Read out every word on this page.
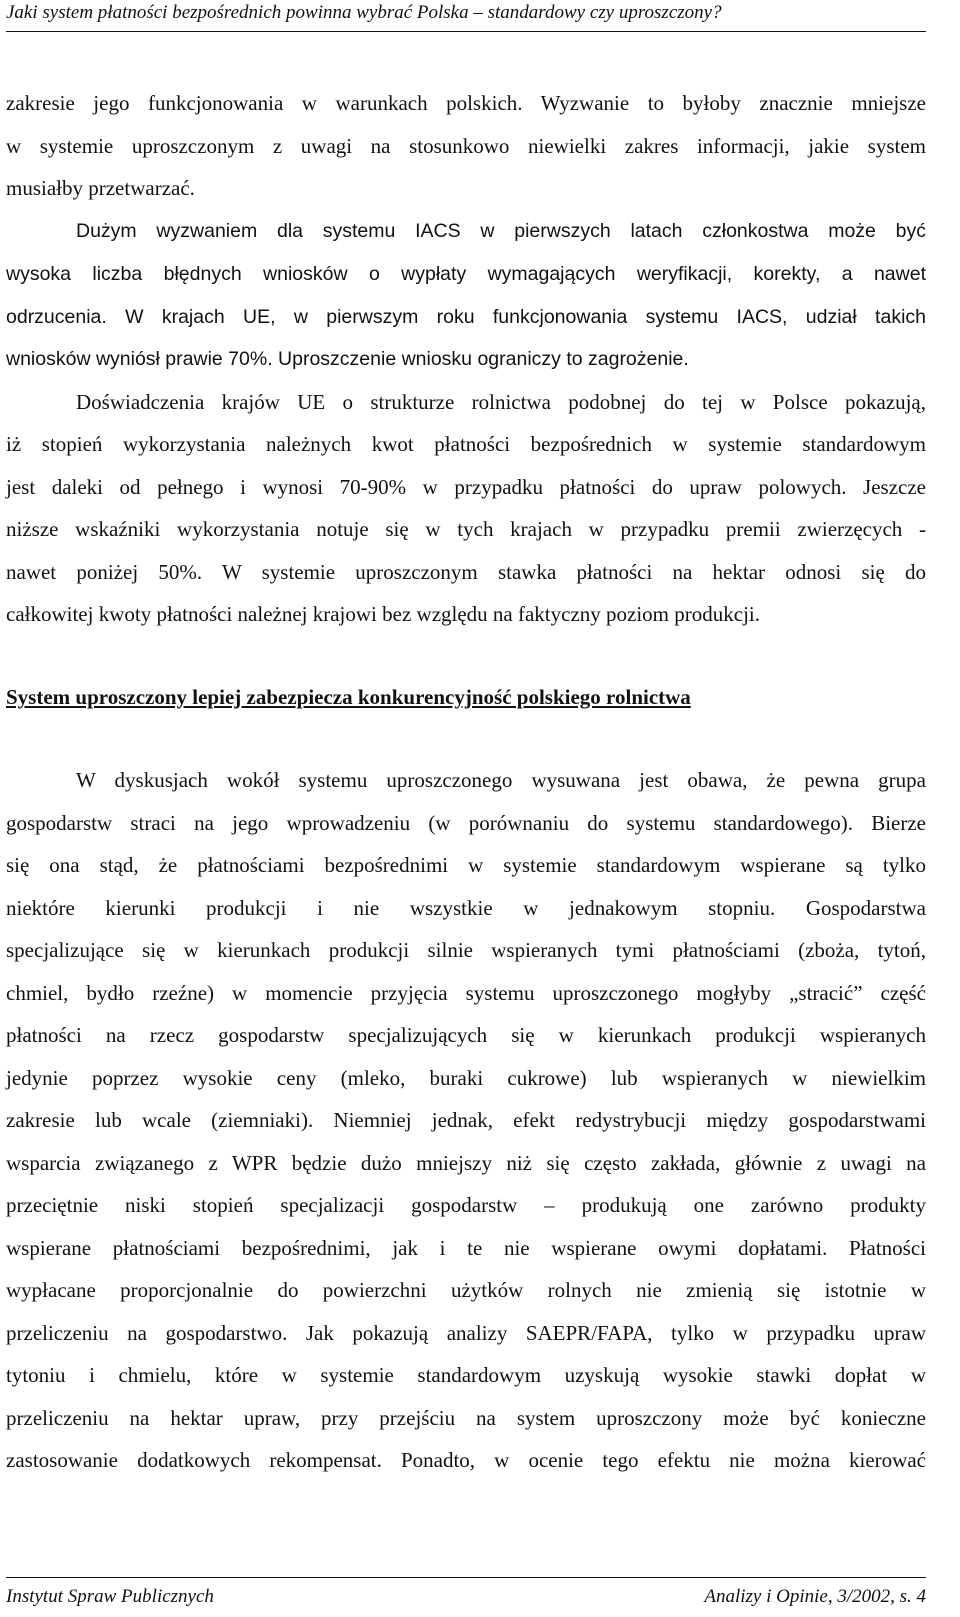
Jaki system płatności bezpośrednich powinna wybrać Polska – standardowy czy uproszczony?
zakresie jego funkcjonowania w warunkach polskich. Wyzwanie to byłoby znacznie mniejsze
w systemie uproszczonym z uwagi na stosunkowo niewielki zakres informacji, jakie system
musiałby przetwarzać.
Dużym wyzwaniem dla systemu IACS w pierwszych latach członkostwa może być
wysoka liczba błędnych wniosków o wypłaty wymagających weryfikacji, korekty, a nawet
odrzucenia. W krajach UE, w pierwszym roku funkcjonowania systemu IACS, udział takich
wniosków wyniósł prawie 70%. Uproszczenie wniosku ograniczy to zagrożenie.
Doświadczenia krajów UE o strukturze rolnictwa podobnej do tej w Polsce pokazują,
iż stopień wykorzystania należnych kwot płatności bezpośrednich w systemie standardowym
jest daleki od pełnego i wynosi 70-90% w przypadku płatności do upraw polowych. Jeszcze
niższe wskaźniki wykorzystania notuje się w tych krajach w przypadku premii zwierzęcych -
nawet poniżej 50%. W systemie uproszczonym stawka płatności na hektar odnosi się do
całkowitej kwoty płatności należnej krajowi bez względu na faktyczny poziom produkcji.
System uproszczony lepiej zabezpiecza konkurencyjność polskiego rolnictwa
W dyskusjach wokół systemu uproszczonego wysuwana jest obawa, że pewna grupa
gospodarstw straci na jego wprowadzeniu (w porównaniu do systemu standardowego). Bierze
się ona stąd, że płatnościami bezpośrednimi w systemie standardowym wspierane są tylko
niektóre kierunki produkcji i nie wszystkie w jednakowym stopniu. Gospodarstwa
specjalizujące się w kierunkach produkcji silnie wspieranych tymi płatnościami (zboża, tytoń,
chmiel, bydło rzeźne) w momencie przyjęcia systemu uproszczonego mogłyby „stracić” część
płatności na rzecz gospodarstw specjalizujących się w kierunkach produkcji wspieranych
jedynie poprzez wysokie ceny (mleko, buraki cukrowe) lub wspieranych w niewielkim
zakresie lub wcale (ziemniaki). Niemniej jednak, efekt redystrybucji między gospodarstwami
wsparcia związanego z WPR będzie dużo mniejszy niż się często zakłada, głównie z uwagi na
przeciętnie niski stopień specjalizacji gospodarstw – produkują one zarówno produkty
wspierane płatnościami bezpośrednimi, jak i te nie wspierane owymi dopłatami. Płatności
wypłacane proporcjonalnie do powierzchni użytków rolnych nie zmienią się istotnie w
przeliczeniu na gospodarstwo. Jak pokazują analizy SAEPR/FAPA, tylko w przypadku upraw
tytoniu i chmielu, które w systemie standardowym uzyskują wysokie stawki dopłat w
przeliczeniu na hektar upraw, przy przejściu na system uproszczony może być konieczne
zastosowanie dodatkowych rekompensat. Ponadto, w ocenie tego efektu nie można kierować
Instytut Spraw Publicznych	Analizy i Opinie, 3/2002, s. 4
